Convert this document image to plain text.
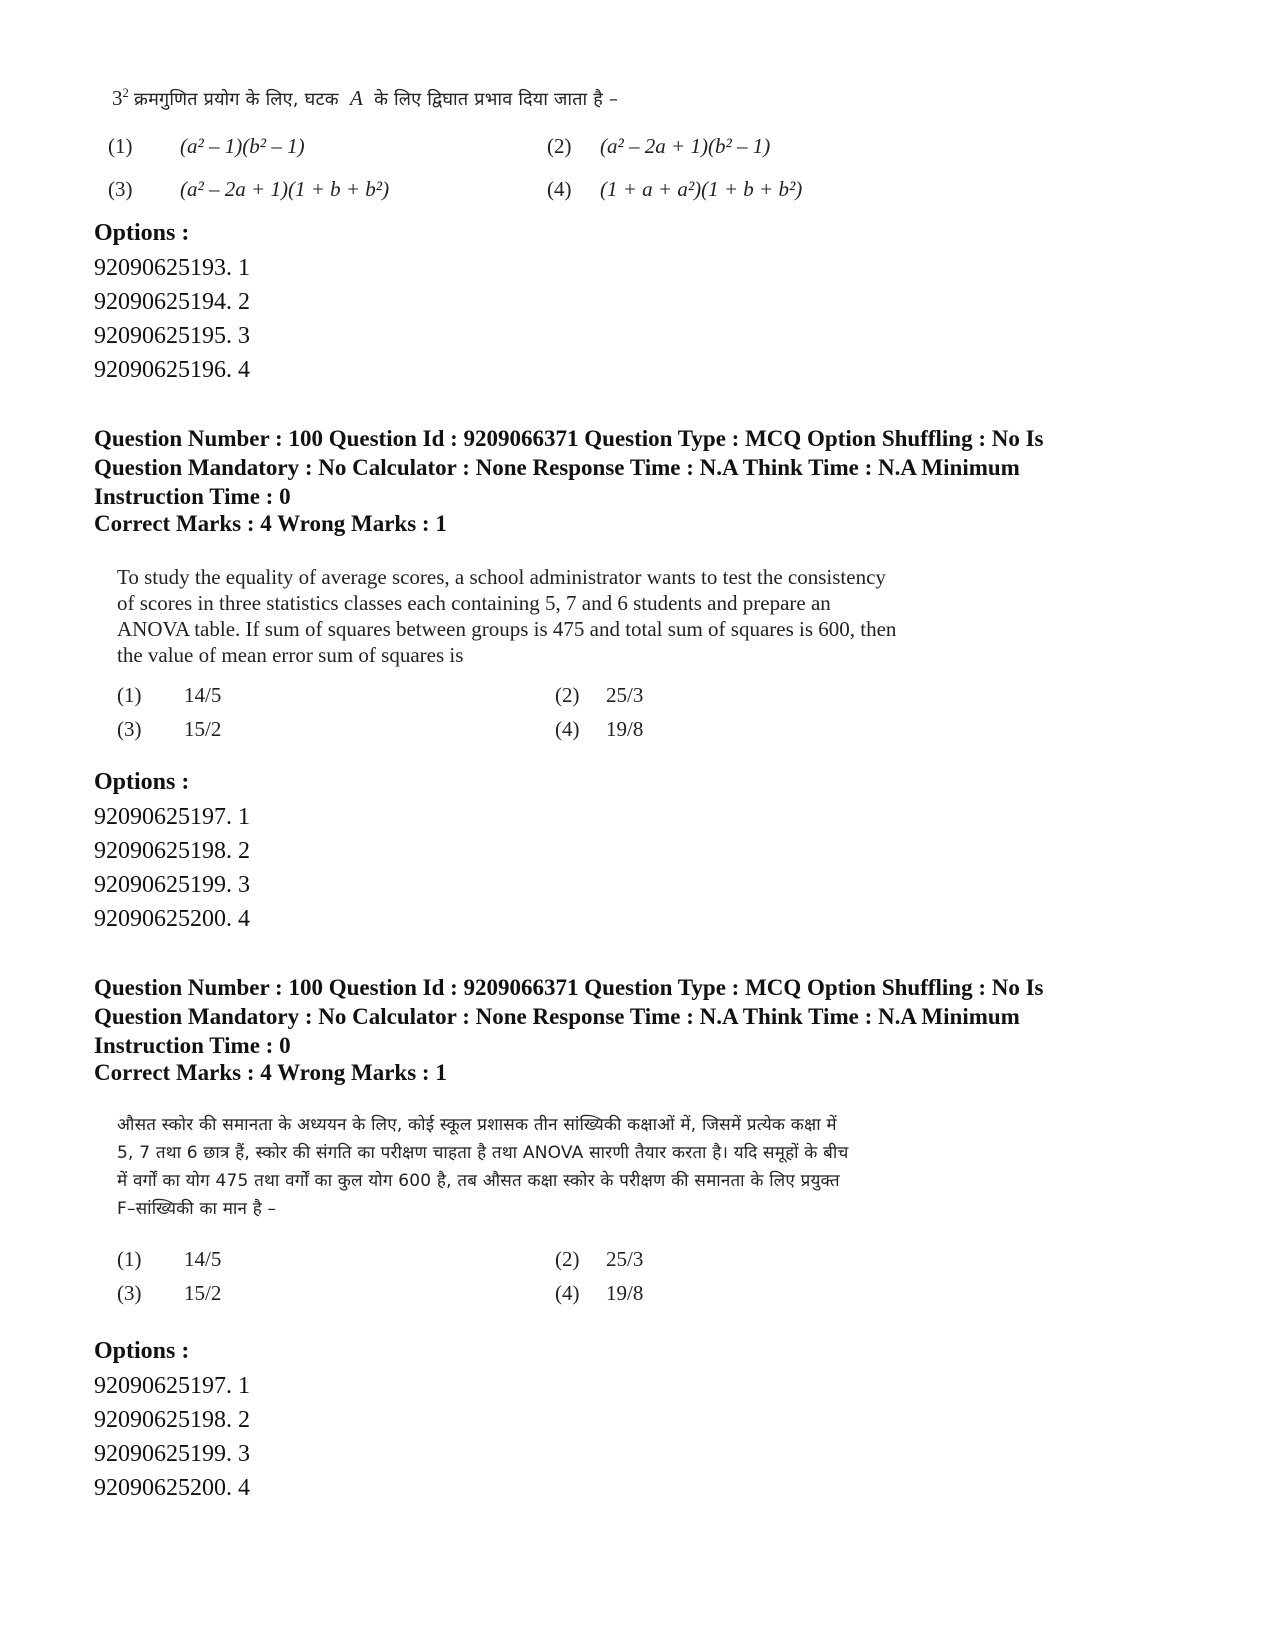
$3^2$ क्रमगुणित प्रयोग के लिए, घटक A के लिए द्विघात प्रभाव दिया जाता है –
(1) (a² – 1)(b² – 1)	(2) (a² – 2a + 1)(b² – 1)
(3) (a² – 2a + 1)(1 + b + b²)	(4) (1 + a + a²)(1 + b + b²)
Options :
92090625193. 1
92090625194. 2
92090625195. 3
92090625196. 4
Question Number : 100 Question Id : 9209066371 Question Type : MCQ Option Shuffling : No Is Question Mandatory : No Calculator : None Response Time : N.A Think Time : N.A Minimum Instruction Time : 0
Correct Marks : 4 Wrong Marks : 1
To study the equality of average scores, a school administrator wants to test the consistency
of scores in three statistics classes each containing 5, 7 and 6 students and prepare an
ANOVA table. If sum of squares between groups is 475 and total sum of squares is 600, then
the value of mean error sum of squares is
(1) 14/5	(2) 25/3
(3) 15/2	(4) 19/8
Options :
92090625197. 1
92090625198. 2
92090625199. 3
92090625200. 4
Question Number : 100 Question Id : 9209066371 Question Type : MCQ Option Shuffling : No Is Question Mandatory : No Calculator : None Response Time : N.A Think Time : N.A Minimum Instruction Time : 0
Correct Marks : 4 Wrong Marks : 1
औसत स्कोर की समानता के अध्ययन के लिए, कोई स्कूल प्रशासक तीन सांख्यिकी कक्षाओं में, जिसमें प्रत्येक कक्षा में
5, 7 तथा 6 छात्र हैं, स्कोर की संगति का परीक्षण चाहता है तथा ANOVA सारणी तैयार करता है। यदि समूहों के बीच
में वर्गों का योग 475 तथा वर्गों का कुल योग 600 है, तब औसत कक्षा स्कोर के परीक्षण की समानता के लिए प्रयुक्त
F–सांख्यिकी का मान है –
(1) 14/5	(2) 25/3
(3) 15/2	(4) 19/8
Options :
92090625197. 1
92090625198. 2
92090625199. 3
92090625200. 4
